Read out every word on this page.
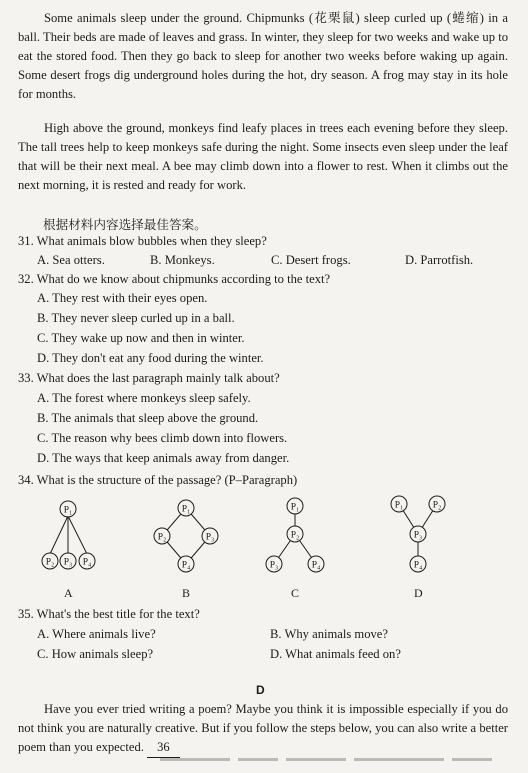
Some animals sleep under the ground. Chipmunks (花栗鼠) sleep curled up (蜷缩) in a ball. Their beds are made of leaves and grass. In winter, they sleep for two weeks and wake up to eat the stored food. Then they go back to sleep for another two weeks before waking up again. Some desert frogs dig underground holes during the hot, dry season. A frog may stay in its hole for months.
High above the ground, monkeys find leafy places in trees each evening before they sleep. The tall trees help to keep monkeys safe during the night. Some insects even sleep under the leaf that will be their next meal. A bee may climb down into a flower to rest. When it climbs out the next morning, it is rested and ready for work.
根据材料内容选择最佳答案。
31. What animals blow bubbles when they sleep?
A. Sea otters.	B. Monkeys.	C. Desert frogs.	D. Parrotfish.
32. What do we know about chipmunks according to the text?
A. They rest with their eyes open.
B. They never sleep curled up in a ball.
C. They wake up now and then in winter.
D. They don't eat any food during the winter.
33. What does the last paragraph mainly talk about?
A. The forest where monkeys sleep safely.
B. The animals that sleep above the ground.
C. The reason why bees climb down into flowers.
D. The ways that keep animals away from danger.
34. What is the structure of the passage? (P–Paragraph)
P₁
P₂ P₃ P₄
P₁
P₂	P₃
P₄
P₁
P₂
P₃	P₄
P₁	P₂
P₃
P₄
A	B	C	D
35. What's the best title for the text?
A. Where animals live?	B. Why animals move?
C. How animals sleep?	D. What animals feed on?
D
Have you ever tried writing a poem? Maybe you think it is impossible especially if you do not think you are naturally creative. But if you follow the steps below, you can also write a better poem than you expected. 36
